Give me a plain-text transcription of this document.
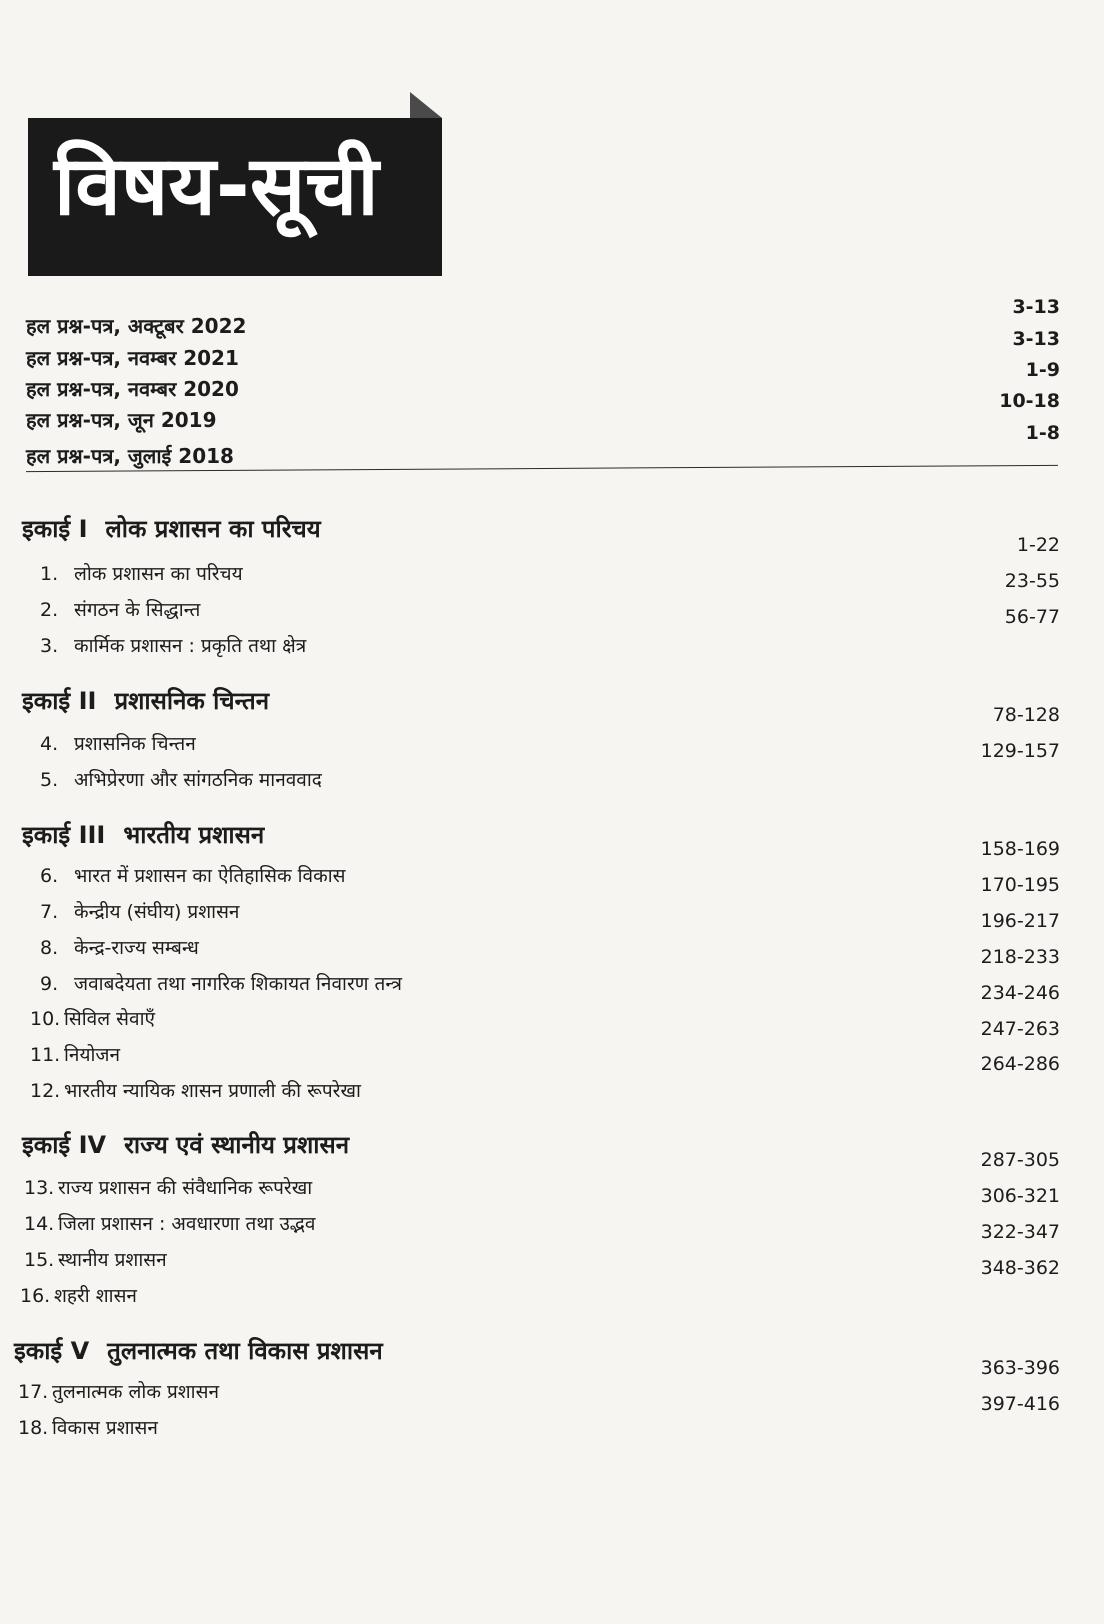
विषय-सूची
हल प्रश्न-पत्र, अक्टूबर 2022
हल प्रश्न-पत्र, नवम्बर 2021
हल प्रश्न-पत्र, नवम्बर 2020
हल प्रश्न-पत्र, जून 2019
हल प्रश्न-पत्र, जुलाई 2018
3-13
3-13
1-9
10-18
1-8
इकाई I लोक प्रशासन का परिचय
1. लोक प्रशासन का परिचय
2. संगठन के सिद्धान्त
3. कार्मिक प्रशासन : प्रकृति तथा क्षेत्र
1-22
23-55
56-77
इकाई II प्रशासनिक चिन्तन
4. प्रशासनिक चिन्तन
5. अभिप्रेरणा और सांगठनिक मानववाद
78-128
129-157
इकाई III भारतीय प्रशासन
6. भारत में प्रशासन का ऐतिहासिक विकास
7. केन्द्रीय (संघीय) प्रशासन
8. केन्द्र-राज्य सम्बन्ध
9. जवाबदेयता तथा नागरिक शिकायत निवारण तन्त्र
10. सिविल सेवाएँ
11. नियोजन
12. भारतीय न्यायिक शासन प्रणाली की रूपरेखा
158-169
170-195
196-217
218-233
234-246
247-263
264-286
इकाई IV राज्य एवं स्थानीय प्रशासन
13. राज्य प्रशासन की संवैधानिक रूपरेखा
14. जिला प्रशासन : अवधारणा तथा उद्भव
15. स्थानीय प्रशासन
16. शहरी शासन
287-305
306-321
322-347
348-362
इकाई V तुलनात्मक तथा विकास प्रशासन
17. तुलनात्मक लोक प्रशासन
18. विकास प्रशासन
363-396
397-416
